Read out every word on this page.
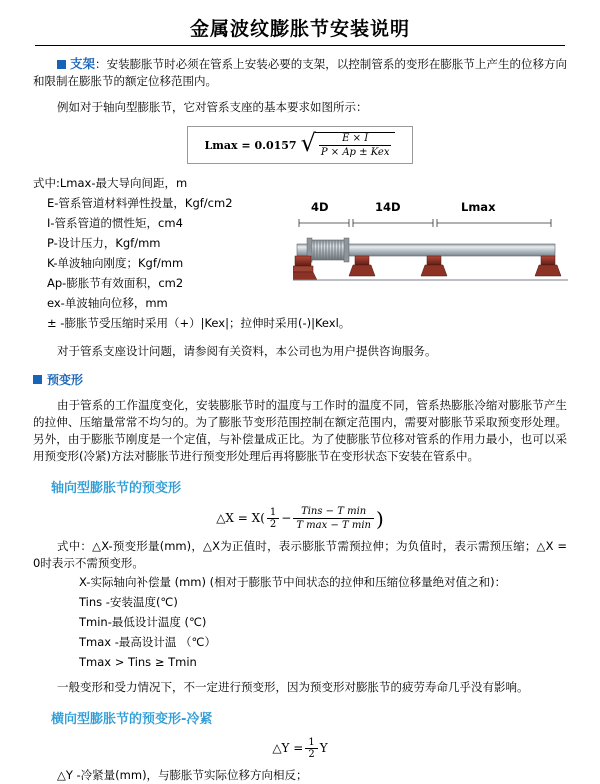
金属波纹膨胀节安装说明

支架：安装膨胀节时必须在管系上安装必要的支架，以控制管系的变形在膨胀节上产生的位移方向和限制在膨胀节的额定位移范围内。

例如对于轴向型膨胀节，它对管系支座的基本要求如图所示：

Lmax = 0.0157 √ $\frac{E \times I}{\text{P × Ap ± Kex}}$
式中:Lmax-最大导向间距，m
E-管系管道材料弹性投量，Kgf/cm2
I-管系管道的惯性矩，cm4
P-设计压力，Kgf/mm
K-单波轴向刚度；Kgf/mm
Ap-膨胀节有效面积，cm2
ex-单波轴向位移，mm
± -膨胀节受压缩时采用（+）|Kex|；拉伸时采用(-)|Kexl。

对于管系支座设计问题，请参阅有关资料，本公司也为用户提供咨询服务。

预变形

由于管系的工作温度变化，安装膨胀节时的温度与工作时的温度不同，管系热膨胀冷缩对膨胀节产生的拉伸、压缩量常常不均匀的。为了膨胀节变形范围控制在额定范围内，需要对膨胀节采取预变形处理。另外，由于膨胀节刚度是一个定值，与补偿量成正比。为了使膨胀节位移对管系的作用力最小，也可以采用预变形(冷紧)方法对膨胀节进行预变形处理后再将膨胀节在变形状态下安装在管系中。

轴向型膨胀节的预变形
△X = $X( \frac{1}{2}$ − Tins − T min
T max − T min )

式中：△X-预变形量(mm)，△X为正值时，表示膨胀节需预拉伸；为负值时，表示需预压缩；△X = 0时表示不需预变形。

X-实际轴向补偿量 (mm) (相对于膨胀节中间状态的拉伸和压缩位移量绝对值之和)：
Tins -安装温度(℃)
Tmin-最低设计温度 (℃)
Tmax -最高设计温 （℃）
Tmax > Tins ≥ Tmin

一般变形和受力情况下，不一定进行预变形，因为预变形对膨胀节的疲劳寿命几乎没有影响。

横向型膨胀节的预变形-冷紧
△Y = $\frac{1}{2}$ Y

△Y -冷紧量(mm)，与膨胀节实际位移方向相反；

4D	14D	Lmax
